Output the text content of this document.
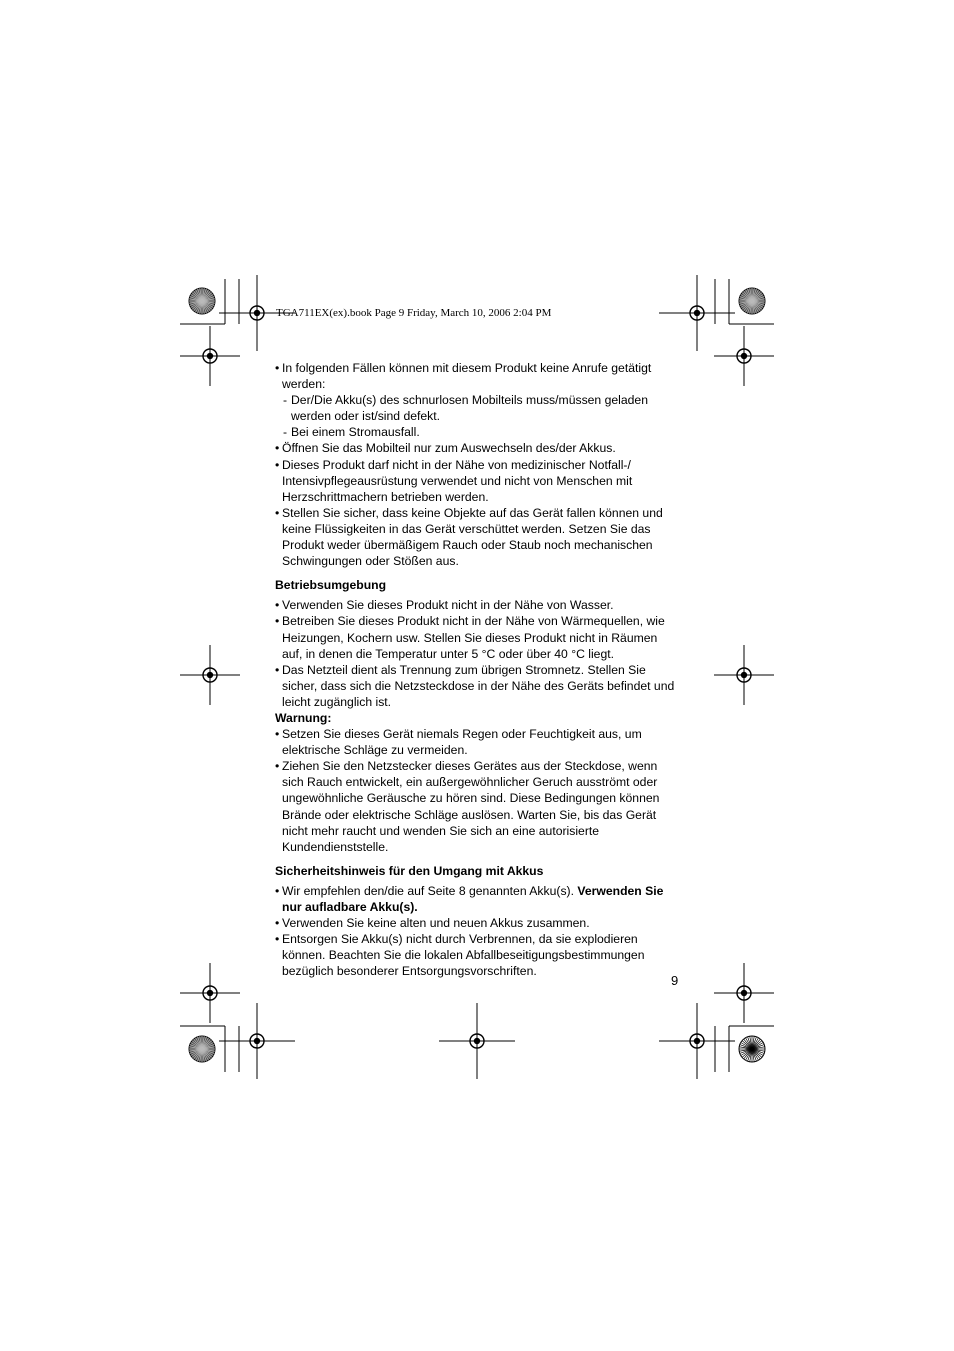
TGA711EX(ex).book Page 9 Friday, March 10, 2006 2:04 PM
• In folgenden Fällen können mit diesem Produkt keine Anrufe getätigt werden:
- Der/Die Akku(s) des schnurlosen Mobilteils muss/müssen geladen werden oder ist/sind defekt.
- Bei einem Stromausfall.
• Öffnen Sie das Mobilteil nur zum Auswechseln des/der Akkus.
• Dieses Produkt darf nicht in der Nähe von medizinischer Notfall-/ Intensivpflegeausrüstung verwendet und nicht von Menschen mit Herzschrittmachern betrieben werden.
• Stellen Sie sicher, dass keine Objekte auf das Gerät fallen können und keine Flüssigkeiten in das Gerät verschüttet werden. Setzen Sie das Produkt weder übermäßigem Rauch oder Staub noch mechanischen Schwingungen oder Stößen aus.
Betriebsumgebung
• Verwenden Sie dieses Produkt nicht in der Nähe von Wasser.
• Betreiben Sie dieses Produkt nicht in der Nähe von Wärmequellen, wie Heizungen, Kochern usw. Stellen Sie dieses Produkt nicht in Räumen auf, in denen die Temperatur unter 5 °C oder über 40 °C liegt.
• Das Netzteil dient als Trennung zum übrigen Stromnetz. Stellen Sie sicher, dass sich die Netzsteckdose in der Nähe des Geräts befindet und leicht zugänglich ist.
Warnung:
• Setzen Sie dieses Gerät niemals Regen oder Feuchtigkeit aus, um elektrische Schläge zu vermeiden.
• Ziehen Sie den Netzstecker dieses Gerätes aus der Steckdose, wenn sich Rauch entwickelt, ein außergewöhnlicher Geruch ausströmt oder ungewöhnliche Geräusche zu hören sind. Diese Bedingungen können Brände oder elektrische Schläge auslösen. Warten Sie, bis das Gerät nicht mehr raucht und wenden Sie sich an eine autorisierte Kundendienststelle.
Sicherheitshinweis für den Umgang mit Akkus
• Wir empfehlen den/die auf Seite 8 genannten Akku(s). Verwenden Sie nur aufladbare Akku(s).
• Verwenden Sie keine alten und neuen Akkus zusammen.
• Entsorgen Sie Akku(s) nicht durch Verbrennen, da sie explodieren können. Beachten Sie die lokalen Abfallbeseitigungsbestimmungen bezüglich besonderer Entsorgungsvorschriften.
9
